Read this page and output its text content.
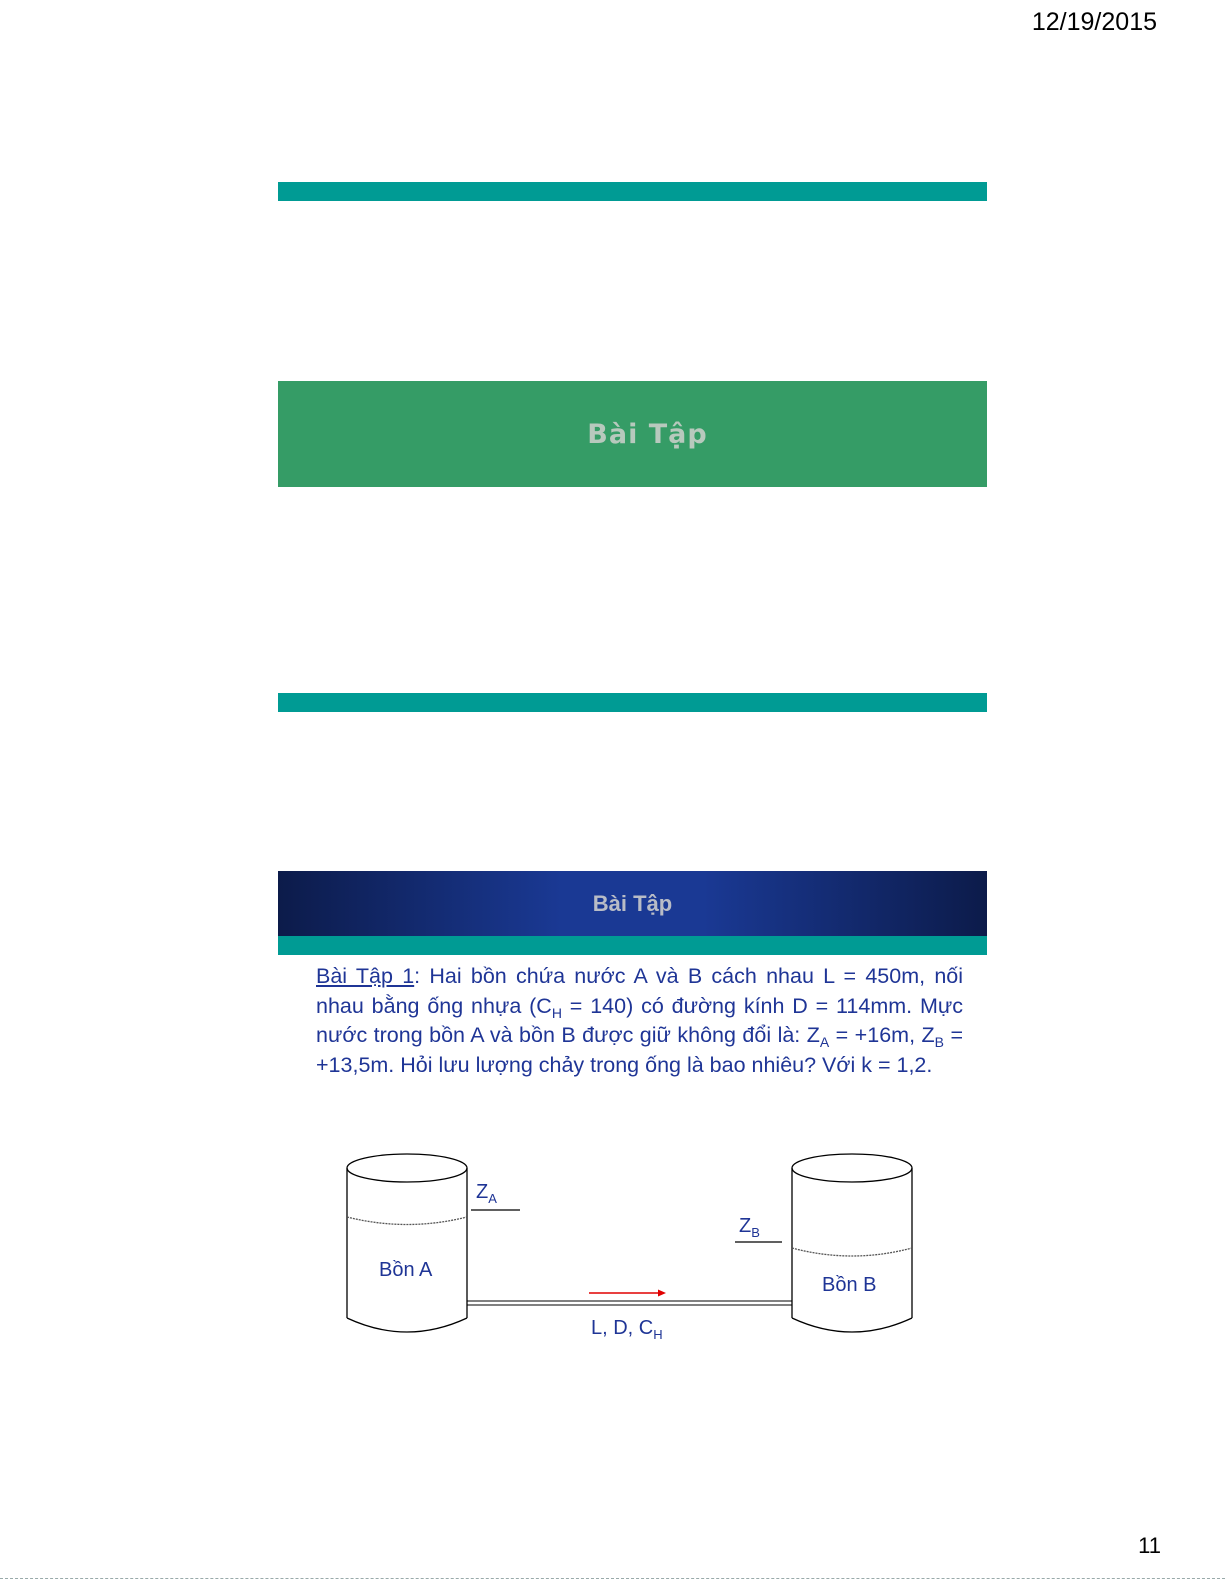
12/19/2015
11
Bài Tập
Bài Tập

Bài Tập 1: Hai bồn chứa nước A và B cách nhau L = 450m, nối nhau bằng ống nhựa $(C_H = 140)$ có đường kính D = 114mm. Mực nước trong bồn A và bồn B được giữ không đổi là: $Z_A = +16m$, $Z_B = +13,5m$. Hỏi lưu lượng chảy trong ống là bao nhiêu? Với k = 1,2.

$Z_A$
$Z_B$
Bồn A
Bồn B
L, D, $C_H$
